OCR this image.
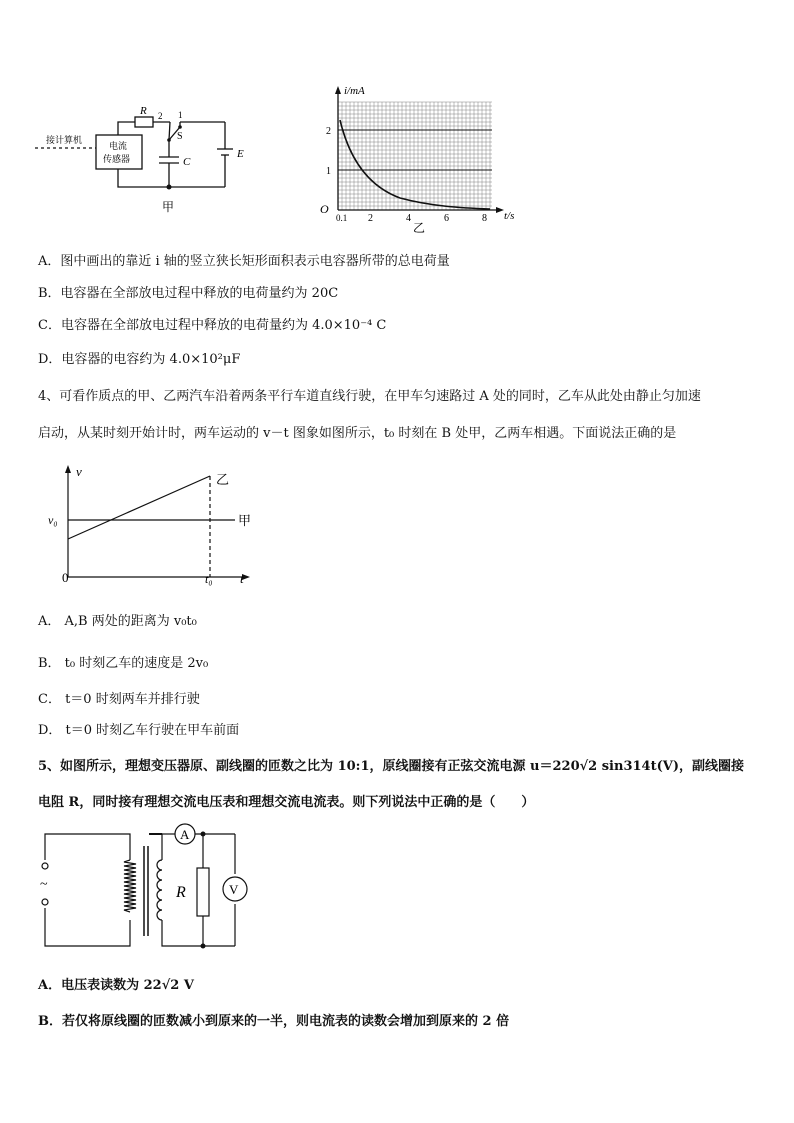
接计算机
R 2 1
S
C
E
电流
传感器
甲
i/mA
t/s
O
2
1
0.1 2	4	6	8
乙
A．图中画出的靠近 i 轴的竖立狭长矩形面积表示电容器所带的总电荷量
B．电容器在全部放电过程中释放的电荷量约为 20C
C．电容器在全部放电过程中释放的电荷量约为 4.0×10⁻⁴ C
D．电容器的电容约为 4.0×10²μF
4、可看作质点的甲、乙两汽车沿着两条平行车道直线行驶，在甲车匀速路过 A 处的同时，乙车从此处由静止匀加速
启动，从某时刻开始计时，两车运动的 v－t 图象如图所示，t₀ 时刻在 B 处甲，乙两车相遇。下面说法正确的是
v
t
v₀
0	t₀
乙
甲
A． A,B 两处的距离为 v₀t₀
B． t₀ 时刻乙车的速度是 2v₀
C． t＝0 时刻两车并排行驶
D． t＝0 时刻乙车行驶在甲车前面
5、如图所示，理想变压器原、副线圈的匝数之比为 10:1，原线圈接有正弦交流电源 u＝220√2 sin314t(V)，副线圈接
电阻 R，同时接有理想交流电压表和理想交流电流表。则下列说法中正确的是（　　）
A
V
R
~
A．电压表读数为 22√2 V
B．若仅将原线圈的匝数减小到原来的一半，则电流表的读数会增加到原来的 2 倍
